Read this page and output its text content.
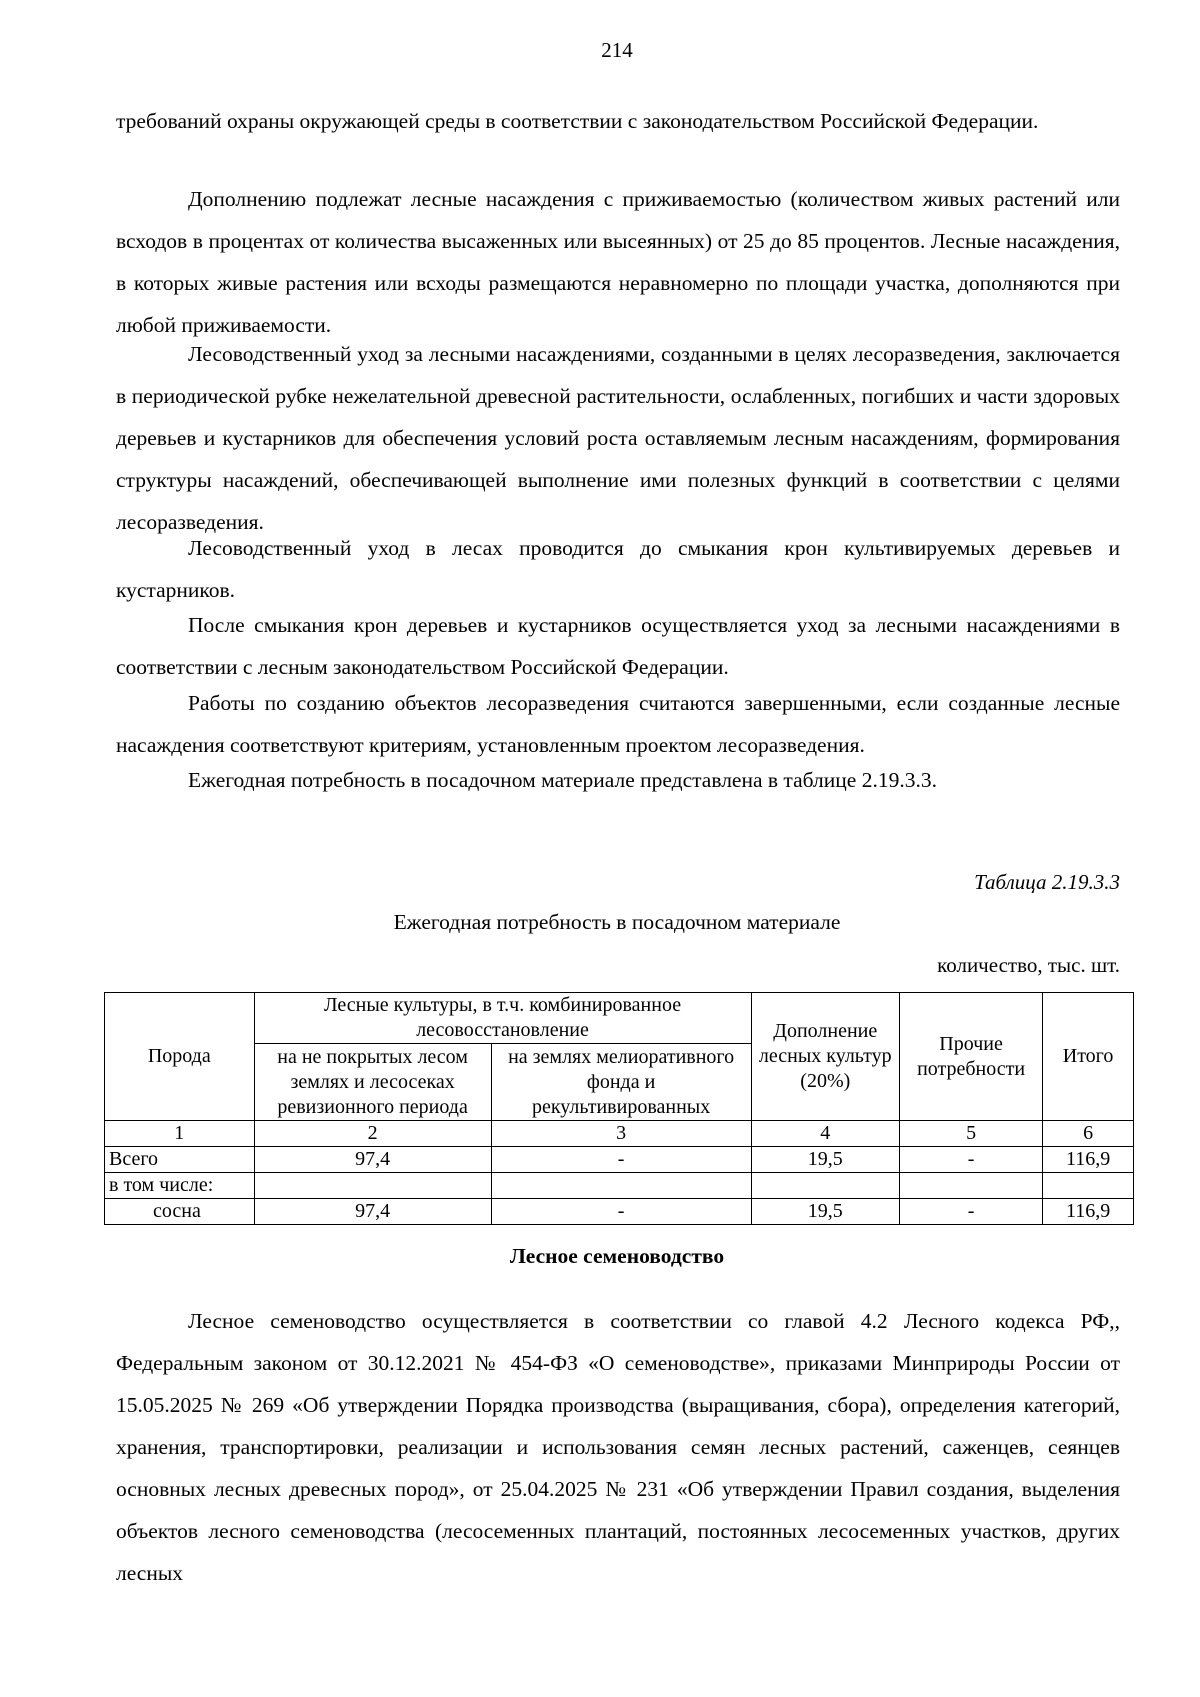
214

требований охраны окружающей среды в соответствии с законодательством Российской Федерации.

Дополнению подлежат лесные насаждения с приживаемостью (количеством живых растений или всходов в процентах от количества высаженных или высеянных) от 25 до 85 процентов. Лесные насаждения, в которых живые растения или всходы размещаются неравномерно по площади участка, дополняются при любой приживаемости.

Лесоводственный уход за лесными насаждениями, созданными в целях лесоразведения, заключается в периодической рубке нежелательной древесной растительности, ослабленных, погибших и части здоровых деревьев и кустарников для обеспечения условий роста оставляемым лесным насаждениям, формирования структуры насаждений, обеспечивающей выполнение ими полезных функций в соответствии с целями лесоразведения.

Лесоводственный уход в лесах проводится до смыкания крон культивируемых деревьев и кустарников.

После смыкания крон деревьев и кустарников осуществляется уход за лесными насаждениями в соответствии с лесным законодательством Российской Федерации.

Работы по созданию объектов лесоразведения считаются завершенными, если созданные лесные насаждения соответствуют критериям, установленным проектом лесоразведения.

Ежегодная потребность в посадочном материале представлена в таблице 2.19.3.3.

Таблица 2.19.3.3
Ежегодная потребность в посадочном материале
количество, тыс. шт.
Порода	Лесные культуры, в т.ч. комбинированное лесовосстановление		Дополнение лесных культур (20%)	Прочие потребности	Итого
	на не покрытых лесом землях и лесосеках ревизионного периода	на землях мелиоративного фонда и рекультивированных			
1	2	3	4	5	6
Всего	97,4	-	19,5	-	116,9
в том числе:					
сосна	97,4	-	19,5	-	116,9
Лесное семеноводство

Лесное семеноводство осуществляется в соответствии со главой 4.2 Лесного кодекса РФ,, Федеральным законом от 30.12.2021 № 454-ФЗ «О семеноводстве», приказами Минприроды России от 15.05.2025 № 269 «Об утверждении Порядка производства (выращивания, сбора), определения категорий, хранения, транспортировки, реализации и использования семян лесных растений, саженцев, сеянцев основных лесных древесных пород», от 25.04.2025 № 231 «Об утверждении Правил создания, выделения объектов лесного семеноводства (лесосеменных плантаций, постоянных лесосеменных участков, других лесных
